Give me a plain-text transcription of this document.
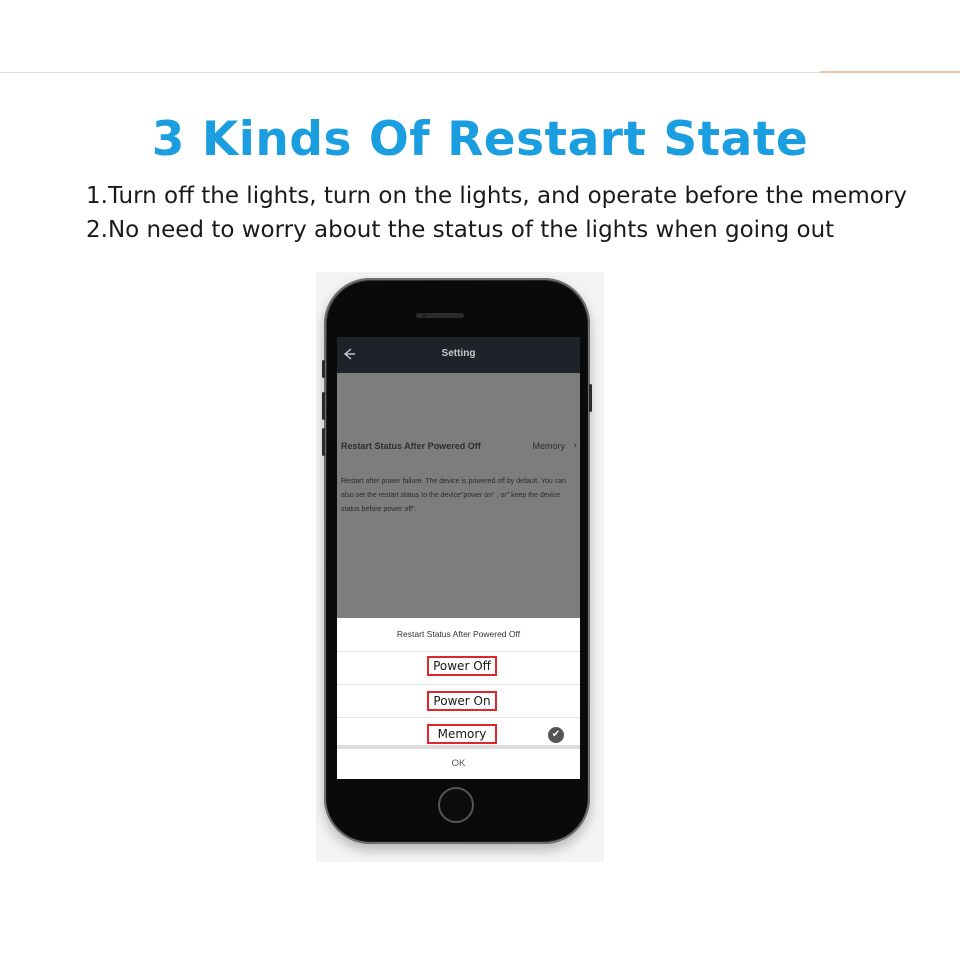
3 Kinds Of Restart State
1.Turn off the lights, turn on the lights, and operate before the memory
2.No need to worry about the status of the lights when going out
Setting
Restart Status After Powered Off	Memory ›
Restart after power failure. The device is powered off by default. You can also set the restart status to the device"power on" , or" keep the device status before power off".
Restart Status After Powered Off
Power Off
Power On
Memory	✔
OK
